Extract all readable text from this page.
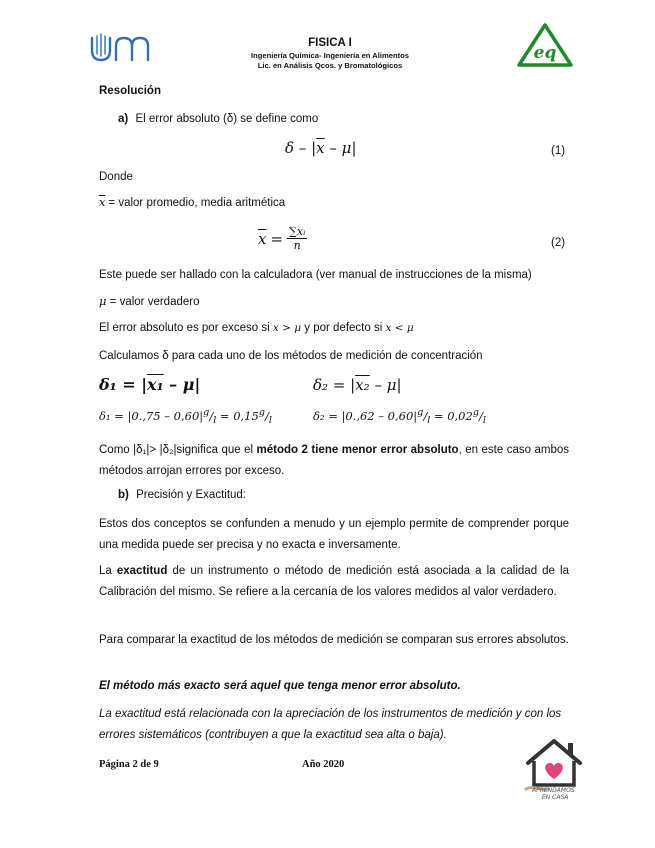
FISICA I
Ingeniería Química- Ingeniería en Alimentos
Lic. en Análisis Qcos. y Bromatológicos
eq
Resolución
a) El error absoluto (δ) se define como
δ – $|\overline{x} - \mu|$	(1)
Donde
$\overline{x}$ = valor promedio, media aritmética
$\overline{x} = \frac{\text{∑xᵢ}}{n}$	(2)
Este puede ser hallado con la calculadora (ver manual de instrucciones de la misma)
μ = valor verdadero
El error absoluto es por exceso si x > μ y por defecto si x < μ
Calculamos δ para cada uno de los métodos de medición de concentración
δ₁ = |x₁ – μ|	δ₂ = |x₂ – μ|
$\delta_1 = |0.,75 - 0,60|^g/_l = 0,15^g/_l$	$\delta_2 = |0.,62 - 0,60|^g/_l = 0,02^g/_l$
Como |δ₁|> |δ₂|significa que el método 2 tiene menor error absoluto, en este caso ambos métodos arrojan errores por exceso.
b) Precisión y Exactitud:
Estos dos conceptos se confunden a menudo y un ejemplo permite de comprender porque una medida puede ser precisa y no exacta e inversamente.
La exactitud de un instrumento o método de medición está asociada a la calidad de la Calibración del mismo. Se refiere a la cercanía de los valores medidos al valor verdadero.
Para comparar la exactitud de los métodos de medición se comparan sus errores absolutos.
El método más exacto será aquel que tenga menor error absoluto.
La exactitud está relacionada con la apreciación de los instrumentos de medición y con los errores sistemáticos (contribuyen a que la exactitud sea alta o baja).
Página 2 de 9	Año 2020
APRENDAMOS
EN CASA
